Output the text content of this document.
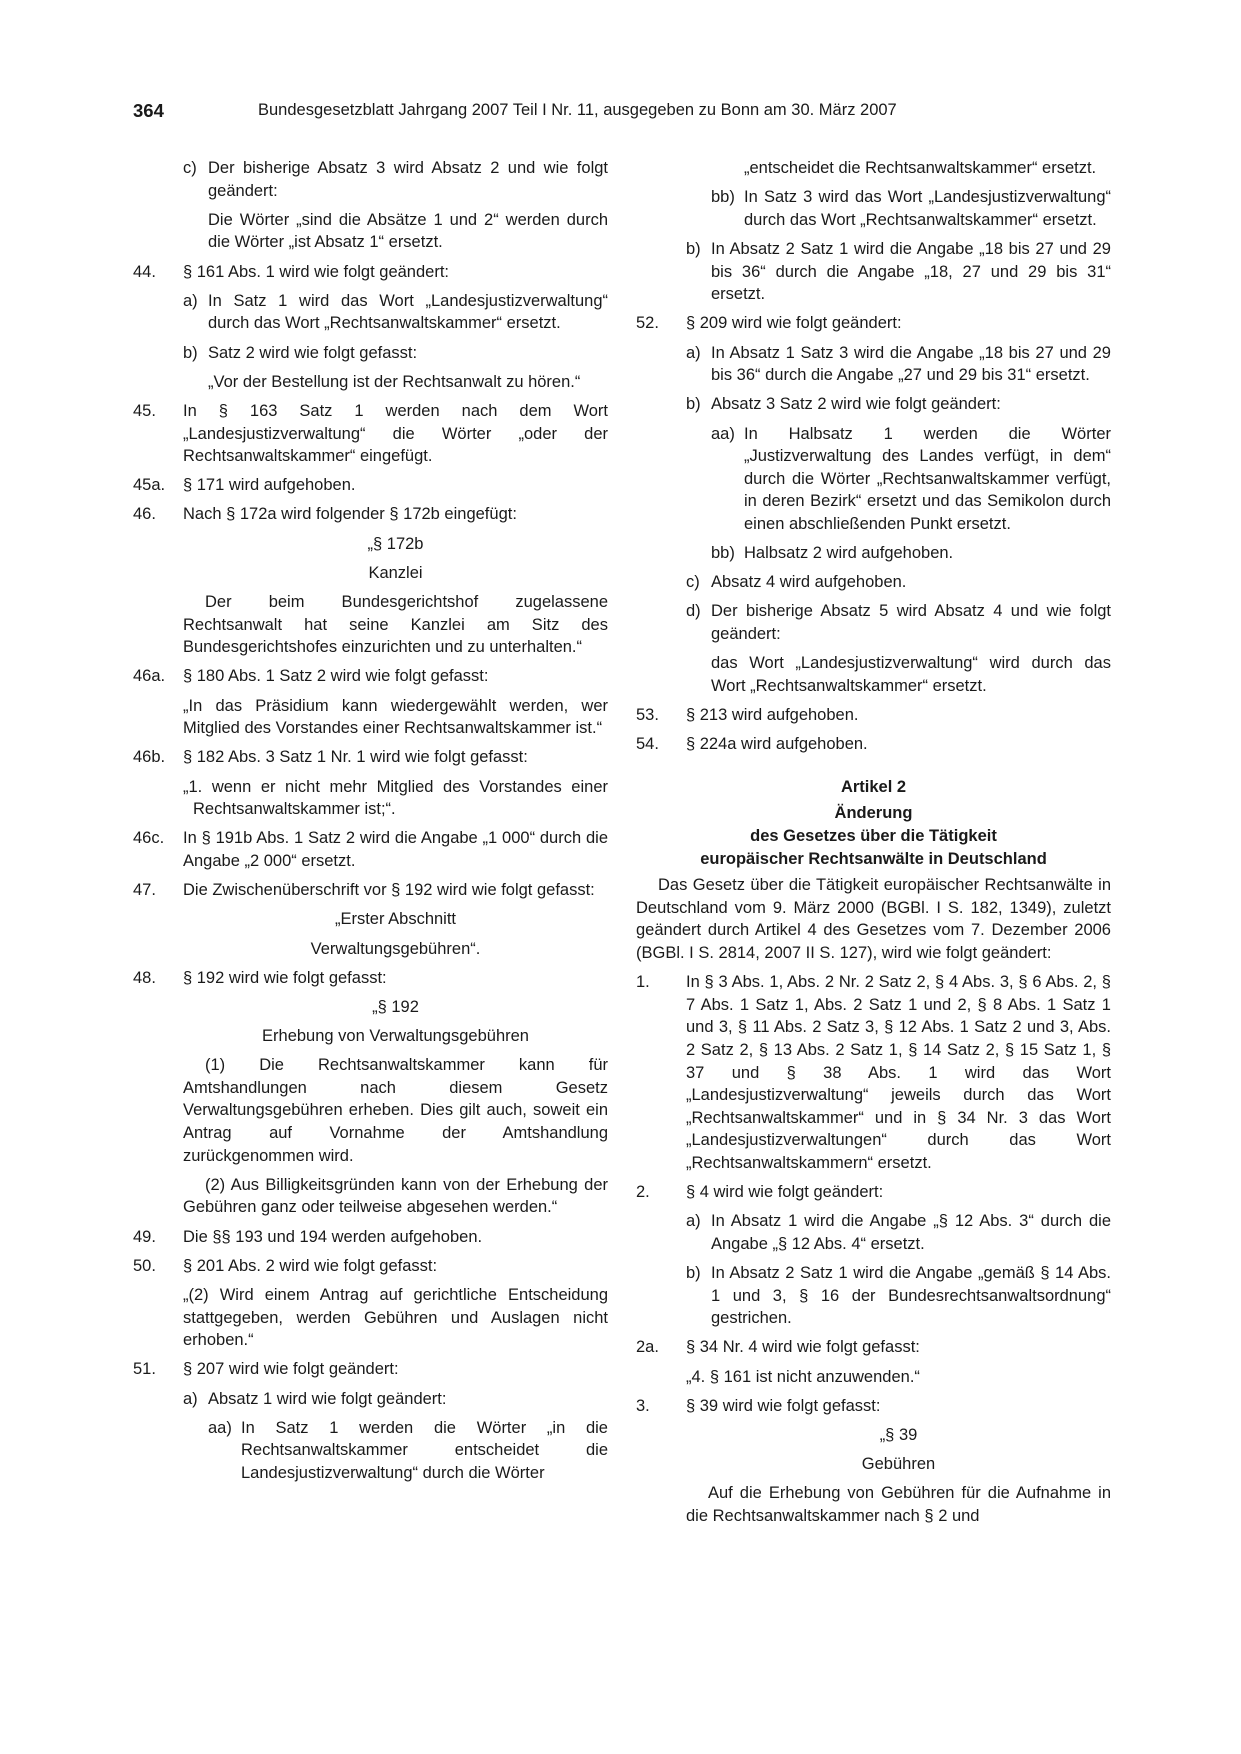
364	Bundesgesetzblatt Jahrgang 2007 Teil I Nr. 11, ausgegeben zu Bonn am 30. März 2007
c) Der bisherige Absatz 3 wird Absatz 2 und wie folgt geändert:
Die Wörter „sind die Absätze 1 und 2“ werden durch die Wörter „ist Absatz 1“ ersetzt.
44. § 161 Abs. 1 wird wie folgt geändert:
a) In Satz 1 wird das Wort „Landesjustizverwaltung“ durch das Wort „Rechtsanwaltskammer“ ersetzt.
b) Satz 2 wird wie folgt gefasst:
„Vor der Bestellung ist der Rechtsanwalt zu hören.“
45. In § 163 Satz 1 werden nach dem Wort „Landesjustizverwaltung“ die Wörter „oder der Rechtsanwaltskammer“ eingefügt.
45a. § 171 wird aufgehoben.
46. Nach § 172a wird folgender § 172b eingefügt:
„§ 172b
Kanzlei
Der beim Bundesgerichtshof zugelassene Rechtsanwalt hat seine Kanzlei am Sitz des Bundesgerichtshofes einzurichten und zu unterhalten.“
46a. § 180 Abs. 1 Satz 2 wird wie folgt gefasst:
„In das Präsidium kann wiedergewählt werden, wer Mitglied des Vorstandes einer Rechtsanwaltskammer ist.“
46b. § 182 Abs. 3 Satz 1 Nr. 1 wird wie folgt gefasst:
„1. wenn er nicht mehr Mitglied des Vorstandes einer Rechtsanwaltskammer ist;“.
46c. In § 191b Abs. 1 Satz 2 wird die Angabe „1 000“ durch die Angabe „2 000“ ersetzt.
47. Die Zwischenüberschrift vor § 192 wird wie folgt gefasst:
„Erster Abschnitt
Verwaltungsgebühren“.
48. § 192 wird wie folgt gefasst:
„§ 192
Erhebung von Verwaltungsgebühren
(1) Die Rechtsanwaltskammer kann für Amtshandlungen nach diesem Gesetz Verwaltungsgebühren erheben. Dies gilt auch, soweit ein Antrag auf Vornahme der Amtshandlung zurückgenommen wird.
(2) Aus Billigkeitsgründen kann von der Erhebung der Gebühren ganz oder teilweise abgesehen werden.“
49. Die §§ 193 und 194 werden aufgehoben.
50. § 201 Abs. 2 wird wie folgt gefasst:
„(2) Wird einem Antrag auf gerichtliche Entscheidung stattgegeben, werden Gebühren und Auslagen nicht erhoben.“
51. § 207 wird wie folgt geändert:
a) Absatz 1 wird wie folgt geändert:
aa) In Satz 1 werden die Wörter „in die Rechtsanwaltskammer entscheidet die Landesjustizverwaltung“ durch die Wörter
„entscheidet die Rechtsanwaltskammer“ ersetzt.
bb) In Satz 3 wird das Wort „Landesjustizverwaltung“ durch das Wort „Rechtsanwaltskammer“ ersetzt.
b) In Absatz 2 Satz 1 wird die Angabe „18 bis 27 und 29 bis 36“ durch die Angabe „18, 27 und 29 bis 31“ ersetzt.
52. § 209 wird wie folgt geändert:
a) In Absatz 1 Satz 3 wird die Angabe „18 bis 27 und 29 bis 36“ durch die Angabe „27 und 29 bis 31“ ersetzt.
b) Absatz 3 Satz 2 wird wie folgt geändert:
aa) In Halbsatz 1 werden die Wörter „Justizverwaltung des Landes verfügt, in dem“ durch die Wörter „Rechtsanwaltskammer verfügt, in deren Bezirk“ ersetzt und das Semikolon durch einen abschließenden Punkt ersetzt.
bb) Halbsatz 2 wird aufgehoben.
c) Absatz 4 wird aufgehoben.
d) Der bisherige Absatz 5 wird Absatz 4 und wie folgt geändert:
das Wort „Landesjustizverwaltung“ wird durch das Wort „Rechtsanwaltskammer“ ersetzt.
53. § 213 wird aufgehoben.
54. § 224a wird aufgehoben.
Artikel 2
Änderung
des Gesetzes über die Tätigkeit
europäischer Rechtsanwälte in Deutschland
Das Gesetz über die Tätigkeit europäischer Rechtsanwälte in Deutschland vom 9. März 2000 (BGBl. I S. 182, 1349), zuletzt geändert durch Artikel 4 des Gesetzes vom 7. Dezember 2006 (BGBl. I S. 2814, 2007 II S. 127), wird wie folgt geändert:
1. In § 3 Abs. 1, Abs. 2 Nr. 2 Satz 2, § 4 Abs. 3, § 6 Abs. 2, § 7 Abs. 1 Satz 1, Abs. 2 Satz 1 und 2, § 8 Abs. 1 Satz 1 und 3, § 11 Abs. 2 Satz 3, § 12 Abs. 1 Satz 2 und 3, Abs. 2 Satz 2, § 13 Abs. 2 Satz 1, § 14 Satz 2, § 15 Satz 1, § 37 und § 38 Abs. 1 wird das Wort „Landesjustizverwaltung“ jeweils durch das Wort „Rechtsanwaltskammer“ und in § 34 Nr. 3 das Wort „Landesjustizverwaltungen“ durch das Wort „Rechtsanwaltskammern“ ersetzt.
2. § 4 wird wie folgt geändert:
a) In Absatz 1 wird die Angabe „§ 12 Abs. 3“ durch die Angabe „§ 12 Abs. 4“ ersetzt.
b) In Absatz 2 Satz 1 wird die Angabe „gemäß § 14 Abs. 1 und 3, § 16 der Bundesrechtsanwaltsordnung“ gestrichen.
2a. § 34 Nr. 4 wird wie folgt gefasst:
„4. § 161 ist nicht anzuwenden.“
3. § 39 wird wie folgt gefasst:
„§ 39
Gebühren
Auf die Erhebung von Gebühren für die Aufnahme in die Rechtsanwaltskammer nach § 2 und
